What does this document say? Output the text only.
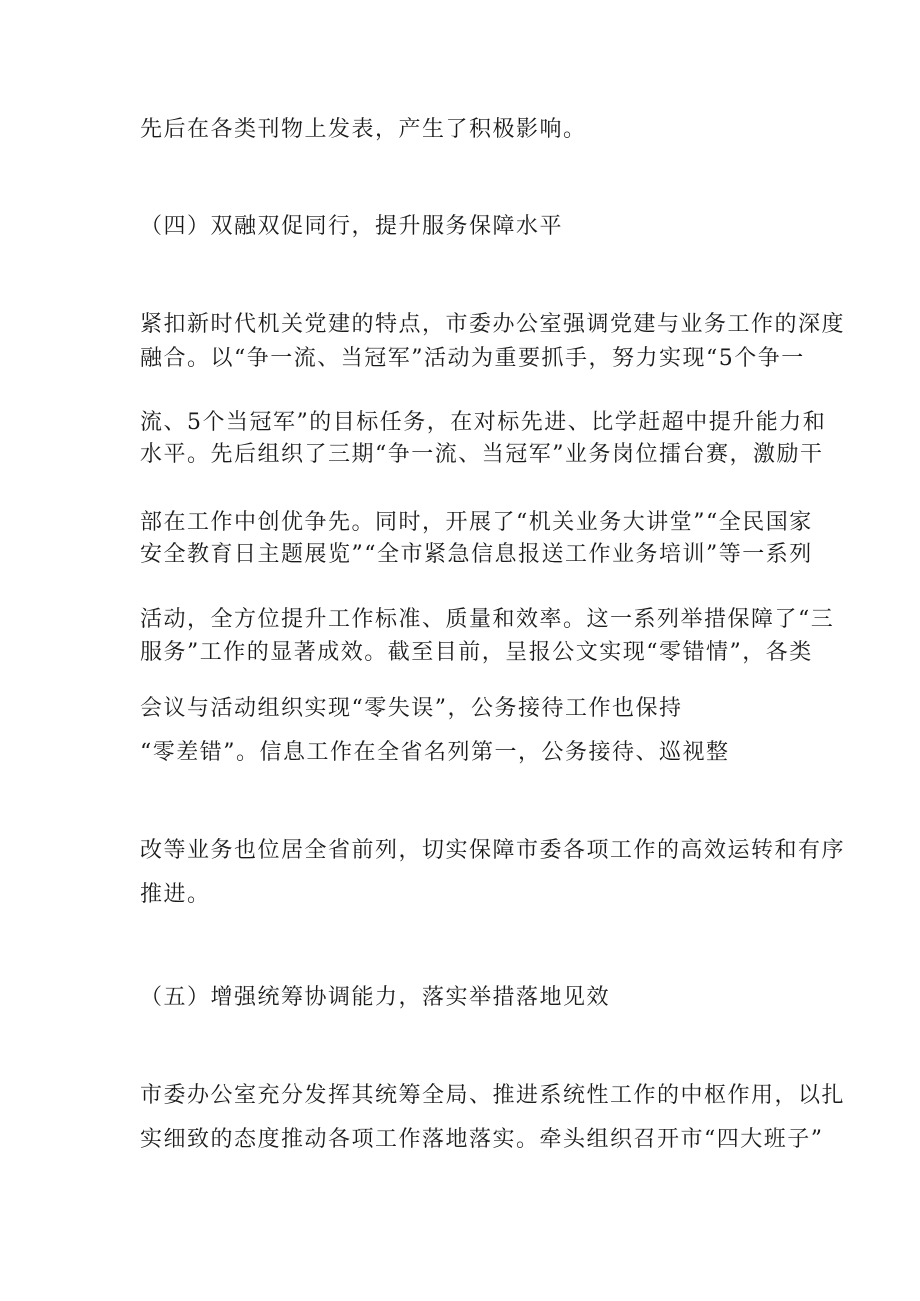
先后在各类刊物上发表，产生了积极影响。
（四）双融双促同行，提升服务保障水平
紧扣新时代机关党建的特点，市委办公室强调党建与业务工作的深度
融合。以“争一流、当冠军”活动为重要抓手，努力实现“5个争一
流、5个当冠军”的目标任务，在对标先进、比学赶超中提升能力和
水平。先后组织了三期“争一流、当冠军”业务岗位擂台赛，激励干
部在工作中创优争先。同时，开展了“机关业务大讲堂”“全民国家
安全教育日主题展览”“全市紧急信息报送工作业务培训”等一系列
活动，全方位提升工作标准、质量和效率。这一系列举措保障了“三
服务”工作的显著成效。截至目前，呈报公文实现“零错情”，各类
会议与活动组织实现“零失误”，公务接待工作也保持
“零差错”。信息工作在全省名列第一，公务接待、巡视整
改等业务也位居全省前列，切实保障市委各项工作的高效运转和有序
推进。
（五）增强统筹协调能力，落实举措落地见效
市委办公室充分发挥其统筹全局、推进系统性工作的中枢作用，以扎
实细致的态度推动各项工作落地落实。牵头组织召开市“四大班子”
